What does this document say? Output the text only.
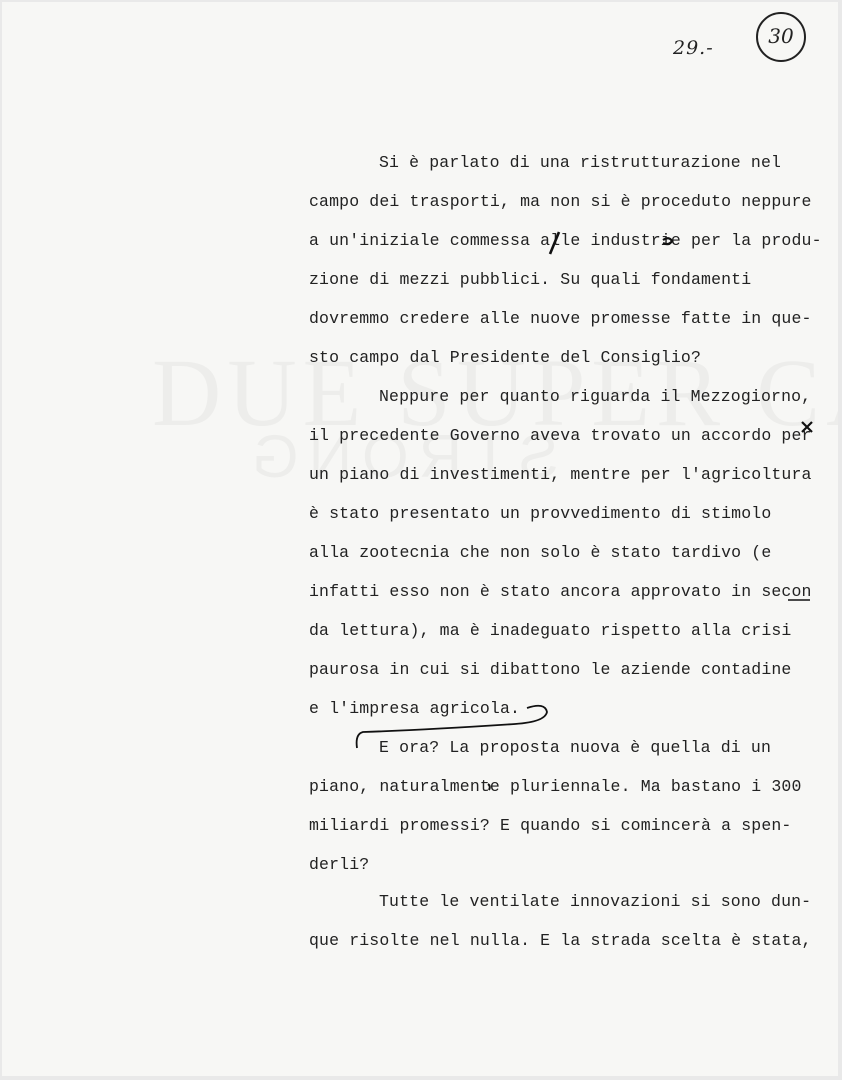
29.-	30
Si è parlato di una ristrutturazione nel
campo dei trasporti, ma non si è proceduto neppure
a un'iniziale commessa alle industrie per la produ-
zione di mezzi pubblici. Su quali fondamenti
dovremmo credere alle nuove promesse fatte in que-
sto campo dal Presidente del Consiglio?
Neppure per quanto riguarda il Mezzogiorno,
il precedente Governo aveva trovato un accordo per
un piano di investimenti, mentre per l'agricoltura
è stato presentato un provvedimento di stimolo
alla zootecnia che non solo è stato tardivo (e
infatti esso non è stato ancora approvato in secon
da lettura), ma è inadeguato rispetto alla crisi
paurosa in cui si dibattono le aziende contadine
e l'impresa agricola.
E ora? La proposta nuova è quella di un
piano, naturalmente pluriennale. Ma bastano i 300
miliardi promessi? E quando si comincerà a spen-
derli?
Tutte le ventilate innovazioni si sono dun-
que risolte nel nulla. E la strada scelta è stata,
